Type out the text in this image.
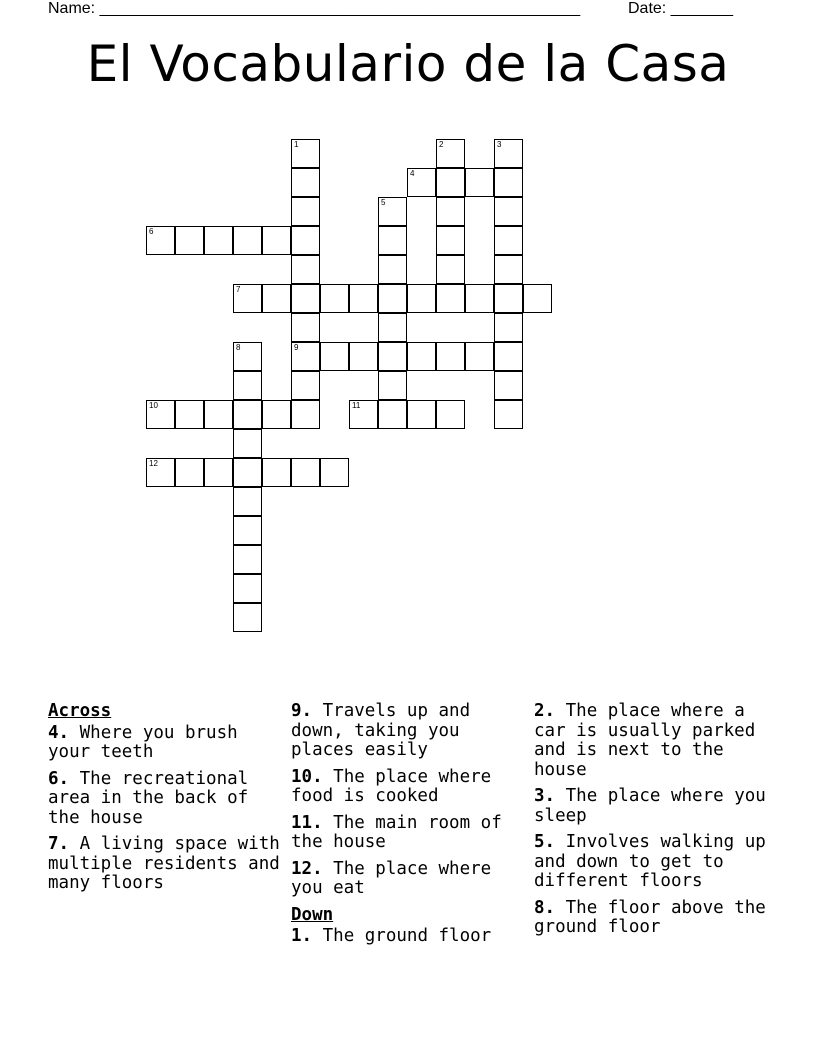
Name: ______________________________________________________	Date: _______
El Vocabulario de la Casa
1	2	3
4
5
6
7
8	9
10	11
12
Across
4. Where you brush your teeth
6. The recreational area in the back of the house
7. A living space with multiple residents and many floors
9. Travels up and down, taking you places easily
10. The place where food is cooked
11. The main room of the house
12. The place where you eat
Down
1. The ground floor
2. The place where a car is usually parked and is next to the house
3. The place where you sleep
5. Involves walking up and down to get to different floors
8. The floor above the ground floor
